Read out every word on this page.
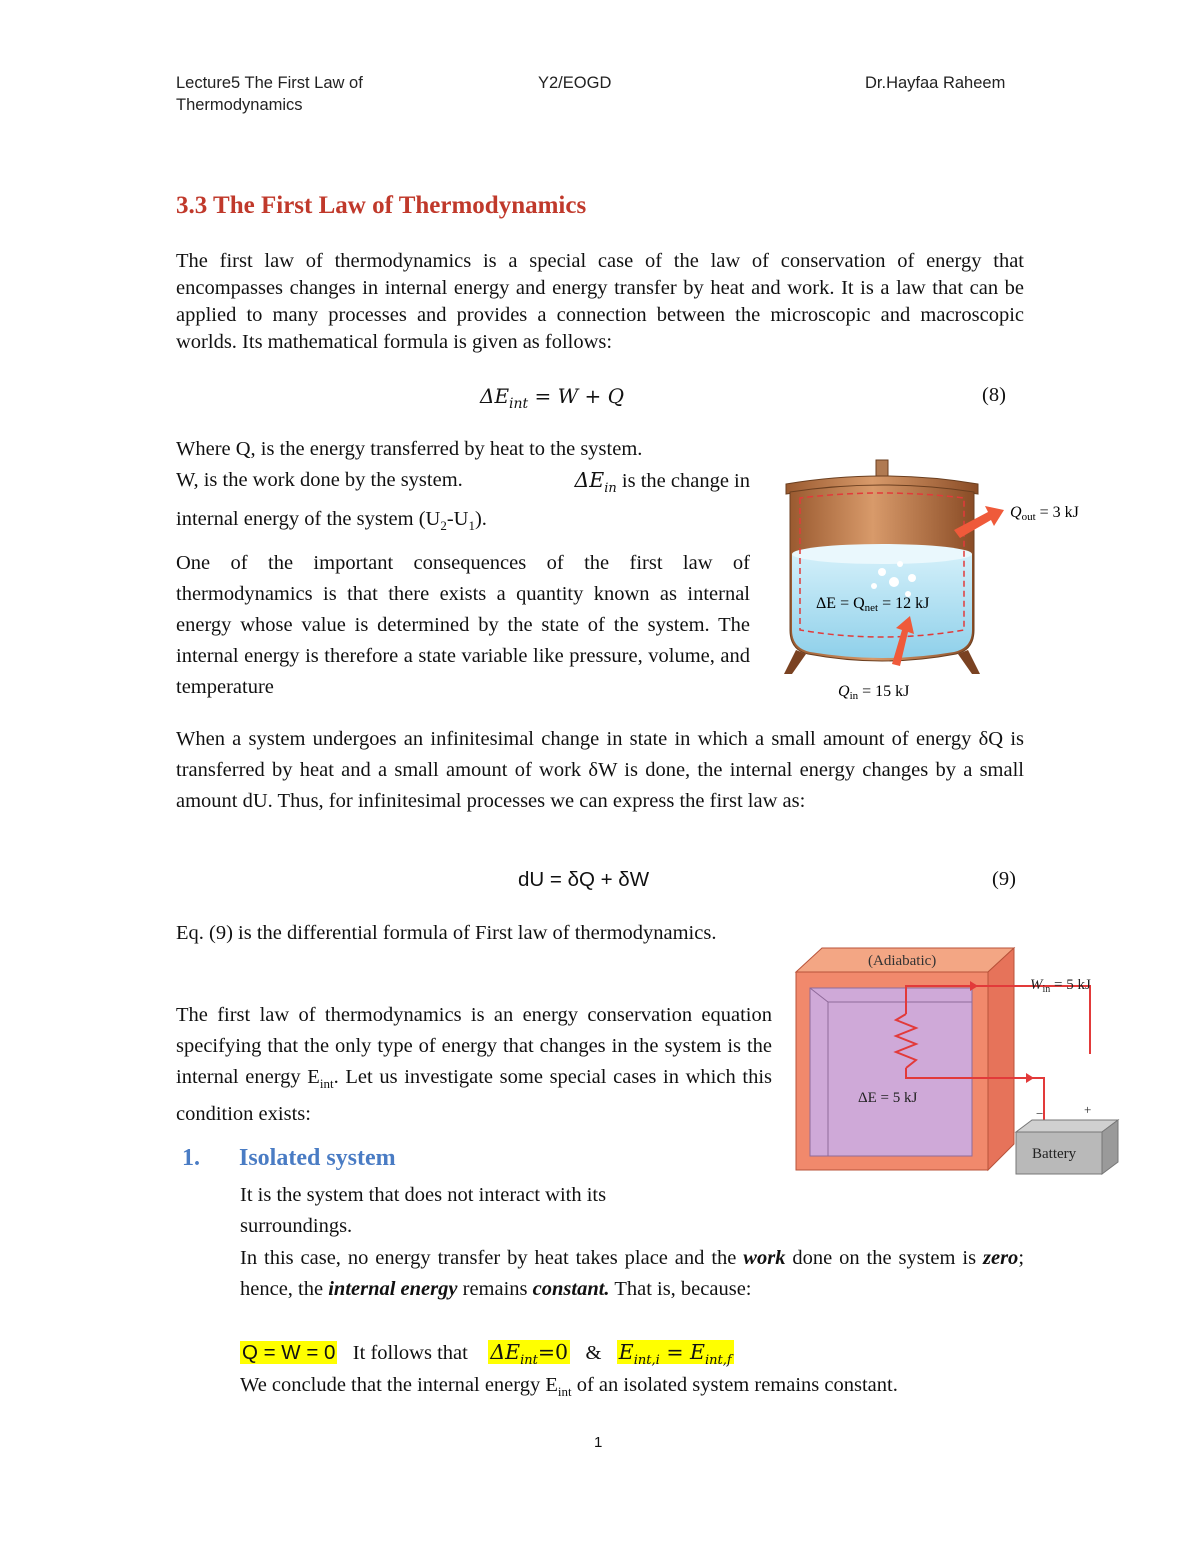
Lecture5 The First Law of Thermodynamics
Y2/EOGD	Dr.Hayfaa Raheem
3.3 The First Law of Thermodynamics
The first law of thermodynamics is a special case of the law of conservation of energy that encompasses changes in internal energy and energy transfer by heat and work. It is a law that can be applied to many processes and provides a connection between the microscopic and macroscopic worlds. Its mathematical formula is given as follows:
$\Delta E_{int} = W + Q$	(8)
Where Q, is the energy transferred by heat to the system.
W, is the work done by the system.	$\Delta E_{in}$ is the change in
internal energy of the system $(U_2-U_1)$.
One of the important consequences of the first law of thermodynamics is that there exists a quantity known as internal energy whose value is determined by the state of the system. The internal energy is therefore a state variable like pressure, volume, and temperature
Qout = 3 kJ
ΔE = Qnet = 12 kJ
Qin = 15 kJ
When a system undergoes an infinitesimal change in state in which a small amount of energy δQ is transferred by heat and a small amount of work δW is done, the internal energy changes by a small amount dU. Thus, for infinitesimal processes we can express the first law as:
dU = δQ + δW	(9)
Eq. (9) is the differential formula of First law of thermodynamics.
The first law of thermodynamics is an energy conservation equation specifying that the only type of energy that changes in the system is the internal energy $E_{int}$. Let us investigate some special cases in which this condition exists:
(Adiabatic)
$W_{in} = 5$ kJ
ΔE = 5 kJ
Battery
−	+
1. Isolated system
It is the system that does not interact with its surroundings.
In this case, no energy transfer by heat takes place and the work done on the system is zero; hence, the internal energy remains constant. That is, because:
Q = W = 0 It follows that $\Delta E_{int}=0$ & $E_{int,i} = E_{int,f}$
We conclude that the internal energy $E_{int}$ of an isolated system remains constant.
1
